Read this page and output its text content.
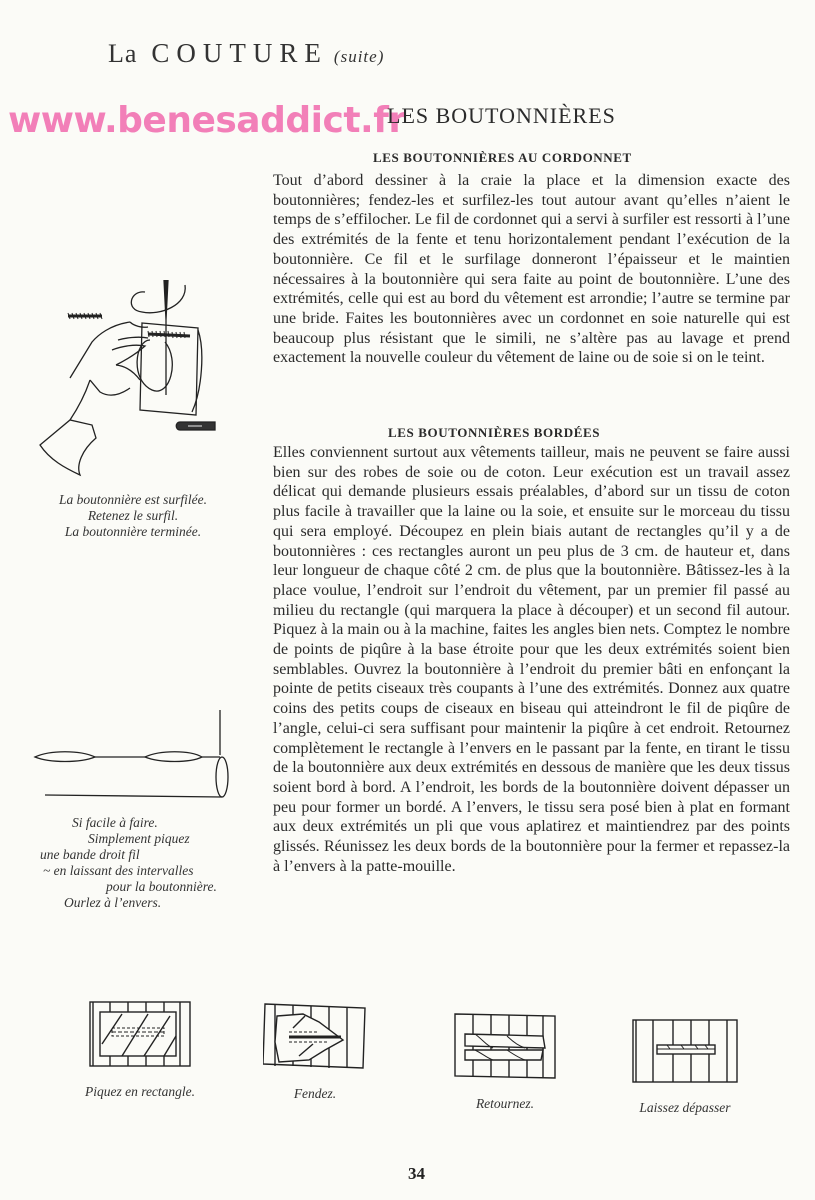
La COUTURE (suite)
www.benesaddict.fr
LES BOUTONNIÈRES
LES BOUTONNIÈRES AU CORDONNET
Tout d’abord dessiner à la craie la place et la dimension exacte des boutonnières; fendez-les et surfilez-les tout autour avant qu’elles n’aient le temps de s’effilocher. Le fil de cordonnet qui a servi à surfiler est ressorti à l’une des extrémités de la fente et tenu horizontalement pendant l’exécution de la boutonnière. Ce fil et le surfilage donneront l’épaisseur et le maintien nécessaires à la boutonnière qui sera faite au point de boutonnière. L’une des extrémités, celle qui est au bord du vêtement est arrondie; l’autre se termine par une bride. Faites les boutonnières avec un cordonnet en soie naturelle qui est beaucoup plus résistant que le simili, ne s’altère pas au lavage et prend exactement la nouvelle couleur du vêtement de laine ou de soie si on le teint.
LES BOUTONNIÈRES BORDÉES
Elles conviennent surtout aux vêtements tailleur, mais ne peuvent se faire aussi bien sur des robes de soie ou de coton. Leur exécution est un travail assez délicat qui demande plusieurs essais préalables, d’abord sur un tissu de coton plus facile à travailler que la laine ou la soie, et ensuite sur le morceau du tissu qui sera employé. Découpez en plein biais autant de rectangles qu’il y a de boutonnières : ces rectangles auront un peu plus de 3 cm. de hauteur et, dans leur longueur de chaque côté 2 cm. de plus que la boutonnière. Bâtissez-les à la place voulue, l’endroit sur l’endroit du vêtement, par un premier fil passé au milieu du rectangle (qui marquera la place à découper) et un second fil autour. Piquez à la main ou à la machine, faites les angles bien nets. Comptez le nombre de points de piqûre à la base étroite pour que les deux extrémités soient bien semblables. Ouvrez la boutonnière à l’endroit du premier bâti en enfonçant la pointe de petits ciseaux très coupants à l’une des extrémités. Donnez aux quatre coins des petits coups de ciseaux en biseau qui atteindront le fil de piqûre de l’angle, celui-ci sera suffisant pour maintenir la piqûre à cet endroit. Retournez complètement le rectangle à l’envers en le passant par la fente, en tirant le tissu de la boutonnière aux deux extrémités en dessous de manière que les deux tissus soient bord à bord. A l’endroit, les bords de la boutonnière doivent dépasser un peu pour former un bordé. A l’envers, le tissu sera posé bien à plat en formant aux deux extrémités un pli que vous aplatirez et maintiendrez par des points glissés. Réunissez les deux bords de la boutonnière pour la fermer et repassez-la à l’envers à la patte-mouille.
La boutonnière est surfilée.
Retenez le surfil.
La boutonnière terminée.
Si facile à faire.
Simplement piquez
une bande droit fil
~ en laissant des intervalles
pour la boutonnière.
Ourlez à l’envers.
Piquez en rectangle.	Fendez.
Retournez.	Laissez dépasser
34
